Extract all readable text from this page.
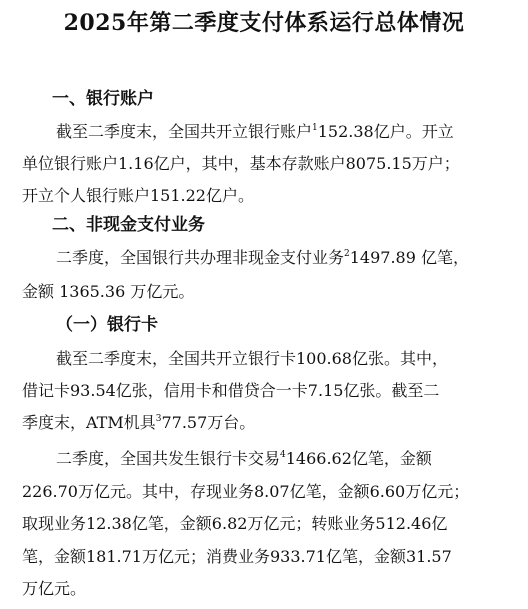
2025年第二季度支付体系运行总体情况
一、银行账户
截至二季度末，全国共开立银行账户$^1$152.38亿户。开立
单位银行账户1.16亿户，其中，基本存款账户8075.15万户；
开立个人银行账户151.22亿户。
二、非现金支付业务
二季度，全国银行共办理非现金支付业务$^2$1497.89 亿笔，
金额 1365.36 万亿元。
（一）银行卡
截至二季度末，全国共开立银行卡100.68亿张。其中，
借记卡93.54亿张，信用卡和借贷合一卡7.15亿张。截至二
季度末，ATM机具$^3$77.57万台。
二季度，全国共发生银行卡交易$^4$1466.62亿笔，金额
226.70万亿元。其中，存现业务8.07亿笔，金额6.60万亿元；
取现业务12.38亿笔，金额6.82万亿元；转账业务512.46亿
笔，金额181.71万亿元；消费业务933.71亿笔，金额31.57
万亿元。
